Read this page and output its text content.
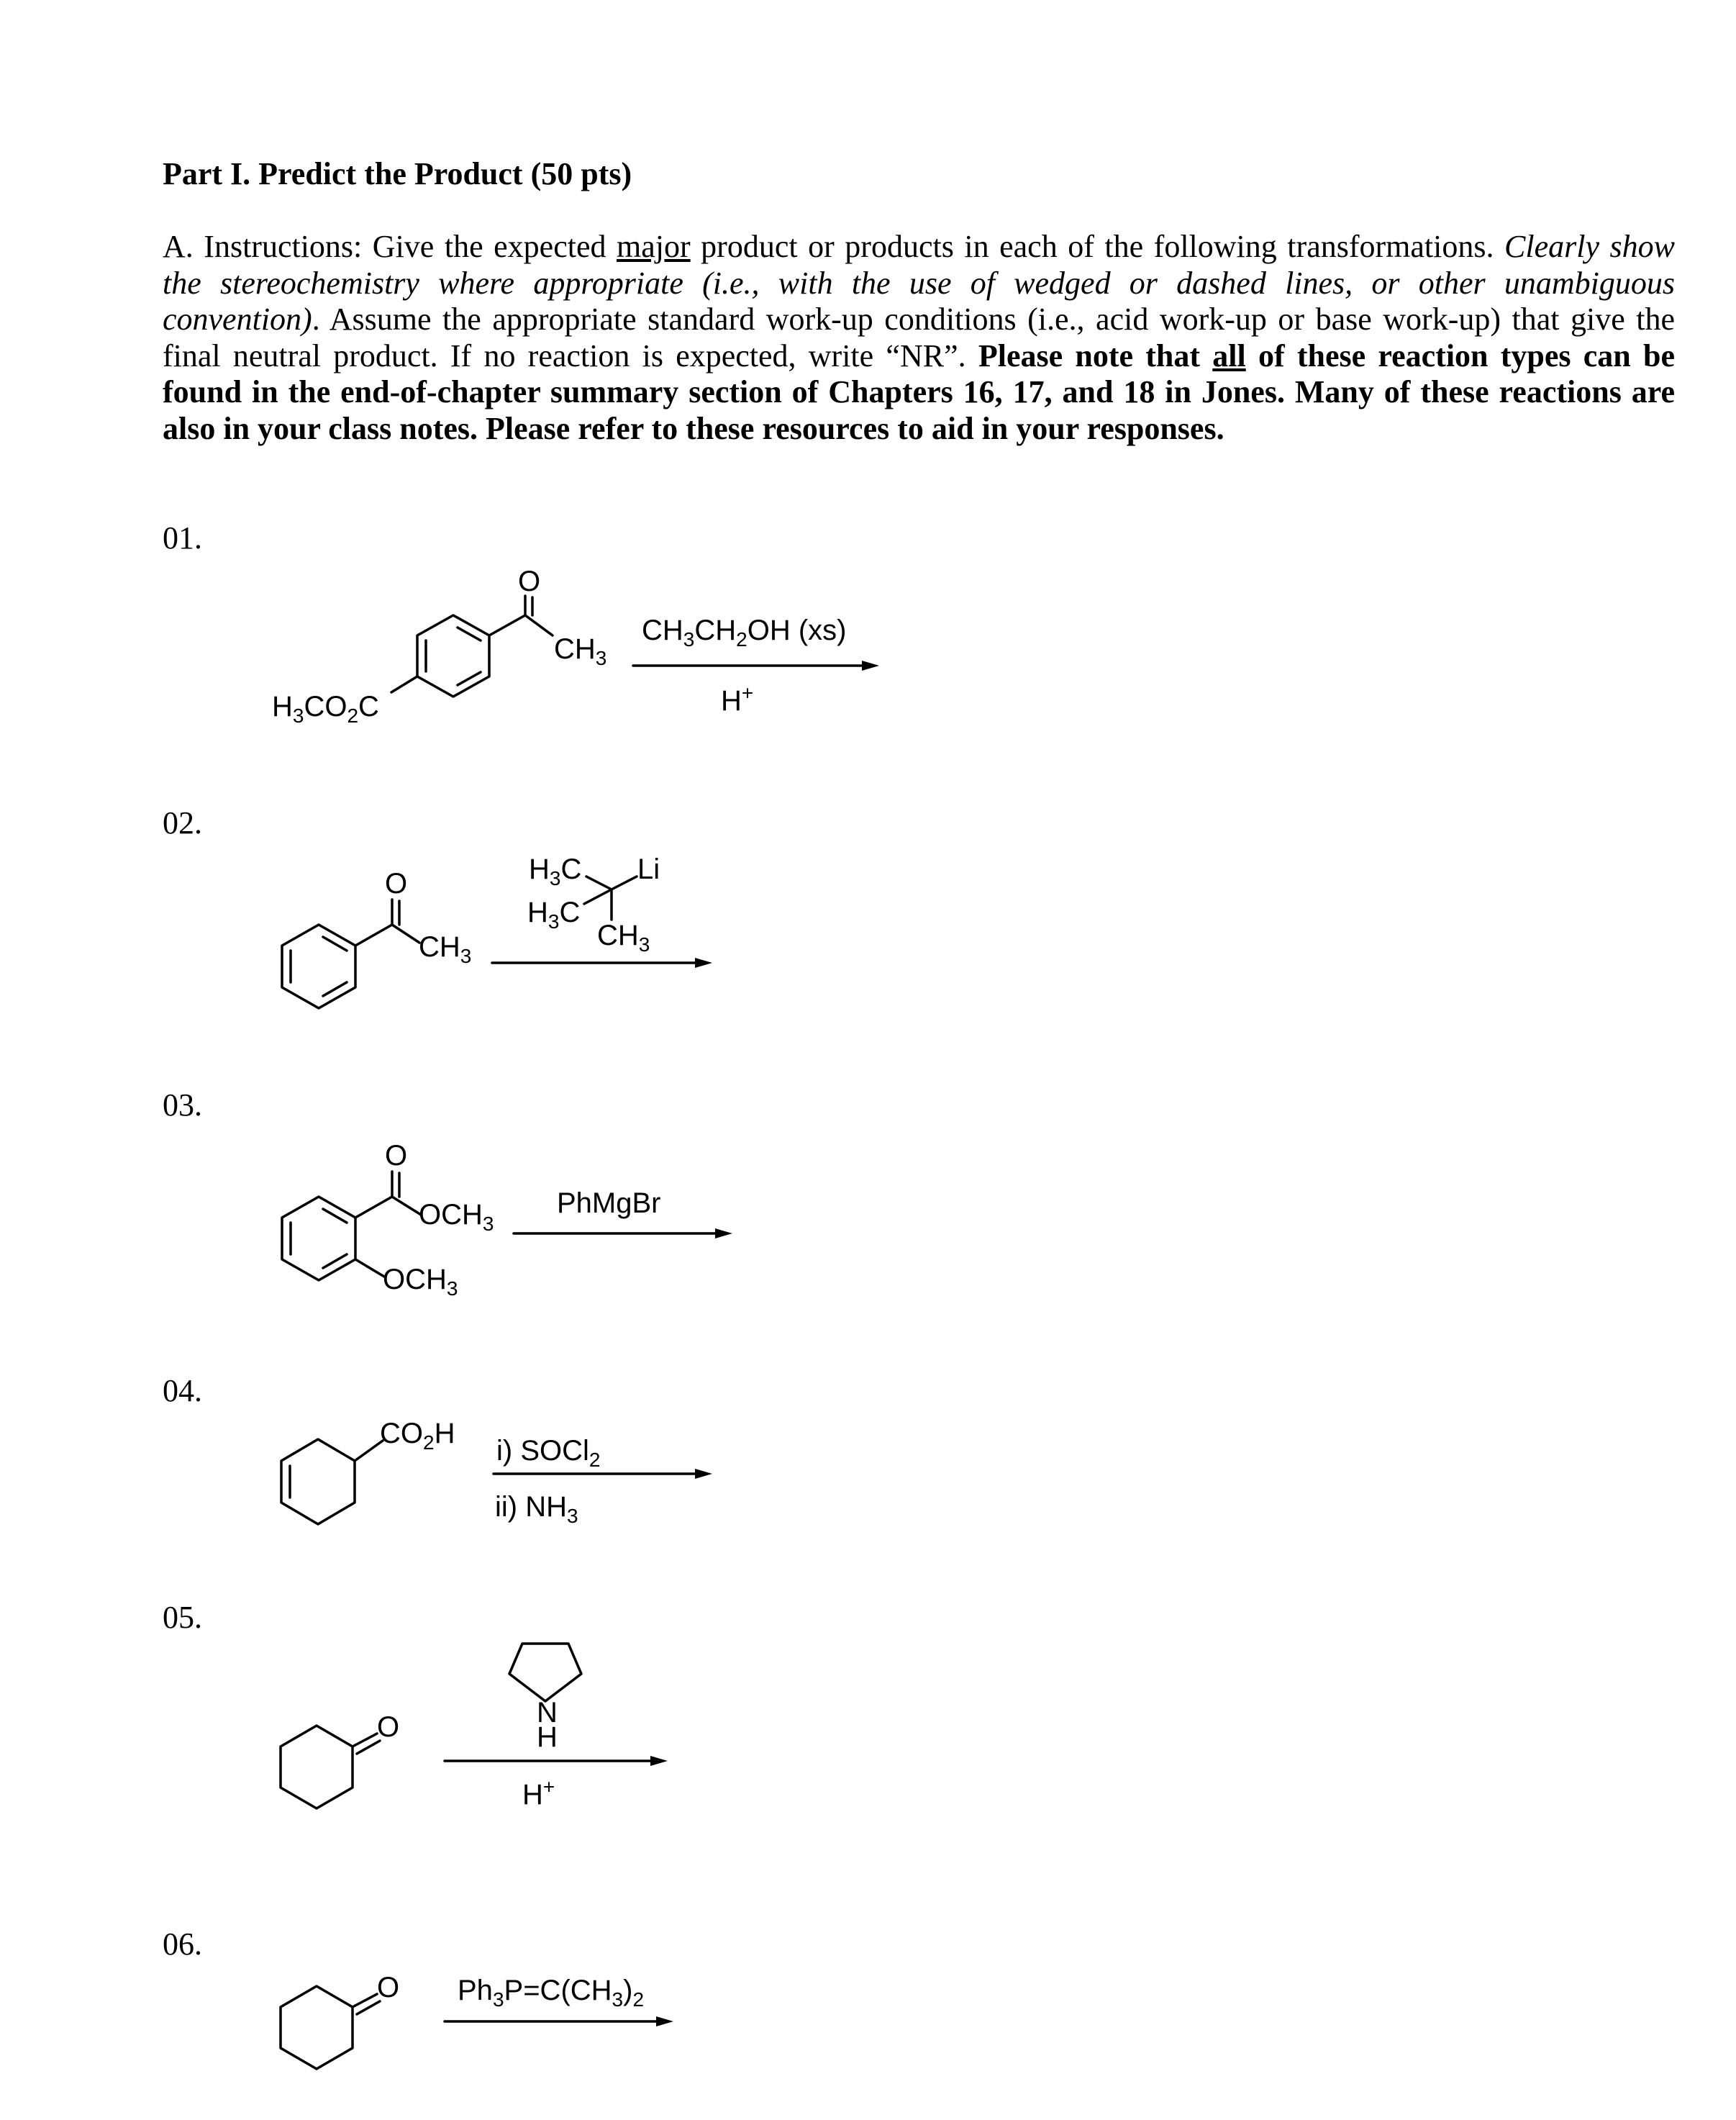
Part I. Predict the Product (50 pts)
A. Instructions: Give the expected major product or products in each of the following transformations. Clearly show the stereochemistry where appropriate (i.e., with the use of wedged or dashed lines, or other unambiguous convention). Assume the appropriate standard work-up conditions (i.e., acid work-up or base work-up) that give the final neutral product. If no reaction is expected, write “NR”. Please note that all of these reaction types can be found in the end-of-chapter summary section of Chapters 16, 17, and 18 in Jones. Many of these reactions are also in your class notes. Please refer to these resources to aid in your responses.
01.
02.
03.
04.
05.
06.
$H_3CO_2C$
O
$CH_3$
$CH_3CH_2OH$ (xs)
H+
O
$CH_3$
$H_3C$ Li
$H_3C$
$CH_3$
O
$OCH_3$
$OCH_3$
PhMgBr
$CO_2H$
i) SOCl$_2$
ii) $NH_3$
O	N
H
H+
O $Ph_3P=C(CH_3)_2$
